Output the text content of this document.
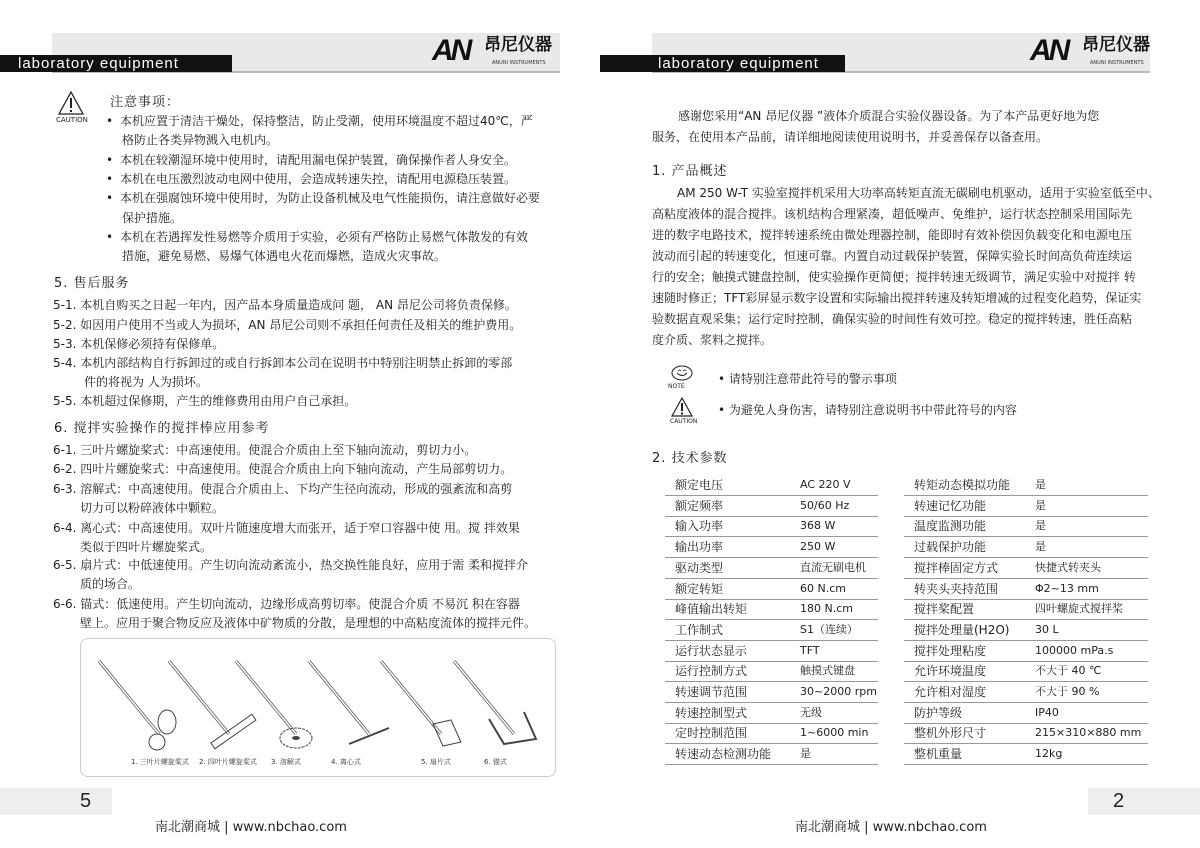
laboratory equipment	AN 昂尼仪器
ANUNI INSTRUMENTS	laboratory equipment	AN 昂尼仪器
ANUNI INSTRUMENTS
CAUTION
注意事项：
5. 售后服务
6. 搅拌实验操作的搅拌棒应用参考
1. 三叶片螺旋桨式 2. 四叶片螺旋桨式 3. 溶解式	4. 离心式	5. 扇片式	6. 锚式
5
南北潮商城 | www.nbchao.com
1. 产品概述
NOTE
• 请特别注意带此符号的警示事项
CAUTION
• 为避免人身伤害，请特别注意说明书中带此符号的内容
2. 技术参数
2
南北潮商城 | www.nbchao.com
• 本机应置于清洁干燥处，保持整洁，防止受潮，使用环境温度不超过40℃，严
格防止各类异物溅入电机内。
• 本机在较潮湿环境中使用时，请配用漏电保护装置，确保操作者人身安全。
• 本机在电压激烈波动电网中使用，会造成转速失控，请配用电源稳压装置。
• 本机在强腐蚀环境中使用时，为防止设备机械及电气性能损伤，请注意做好必要
保护措施。
• 本机在若遇挥发性易燃等介质用于实验，必须有严格防止易燃气体散发的有效
措施，避免易燃、易爆气体遇电火花而爆燃，造成火灾事故。
5-1. 本机自购买之日起一年内，因产品本身质量造成问 题， AN 昂尼公司将负责保修。
5-2. 如因用户使用不当或人为损坏，AN 昂尼公司则不承担任何责任及相关的维护费用。
5-3. 本机保修必须持有保修单。
5-4. 本机内部结构自行拆卸过的或自行拆卸本公司在说明书中特别注明禁止拆卸的零部
件的将视为 人为损坏。
5-5. 本机超过保修期，产生的维修费用由用户自己承担。
6-1. 三叶片螺旋桨式：中高速使用。使混合介质由上至下轴向流动，剪切力小。
6-2. 四叶片螺旋桨式：中高速使用。使混合介质由上向下轴向流动，产生局部剪切力。
6-3. 溶解式：中高速使用。使混合介质由上、下均产生径向流动，形成的强紊流和高剪
切力可以粉碎液体中颗粒。
6-4. 离心式：中高速使用。双叶片随速度增大而张开，适于窄口容器中使 用。搅 拌效果
类似于四叶片螺旋桨式。
6-5. 扇片式：中低速使用。产生切向流动紊流小，热交换性能良好，应用于需 柔和搅拌介
质的场合。
6-6. 锚式：低速使用。产生切向流动，边缘形成高剪切率。使混合介质 不易沉 积在容器
壁上。应用于聚合物反应及液体中矿物质的分散，是理想的中高粘度流体的搅拌元件。
感谢您采用“AN 昂尼仪器 ”液体介质混合实验仪器设备。为了本产品更好地为您
服务，在使用本产品前，请详细地阅读使用说明书，并妥善保存以备查用。
AM 250 W-T 实验室搅拌机采用大功率高转矩直流无碳刷电机驱动，适用于实验室低至中、
高粘度液体的混合搅拌。该机结构合理紧凑，超低噪声、免维护，运行状态控制采用国际先
进的数字电路技术，搅拌转速系统由微处理器控制，能即时有效补偿因负载变化和电源电压
波动而引起的转速变化，恒速可靠。内置自动过载保护装置，保障实验长时间高负荷连续运
行的安全；触摸式键盘控制，使实验操作更简便；搅拌转速无级调节，满足实验中对搅拌 转
速随时修正；TFT彩屏显示数字设置和实际输出搅拌转速及转矩增减的过程变化趋势，保证实
验数据直观采集；运行定时控制，确保实验的时间性有效可控。稳定的搅拌转速，胜任高粘
度介质、浆料之搅拌。
额定电压	AC 220 V
额定频率	50/60 Hz
输入功率	368 W
输出功率	250 W
驱动类型	直流无刷电机
额定转矩	60 N.cm
峰值输出转矩	180 N.cm
工作制式	S1（连续）
运行状态显示	TFT
运行控制方式	触摸式键盘
转速调节范围	30~2000 rpm
转速控制型式	无级
定时控制范围	1~6000 min
转速动态检测功能	是
转矩动态模拟功能 是
转速记忆功能	是
温度监测功能	是
过载保护功能	是
搅拌棒固定方式	快捷式转夹头
转夹头夹持范围	Φ2~13 mm
搅拌桨配置	四叶螺旋式搅拌桨
搅拌处理量(H2O) 30 L
搅拌处理粘度	100000 mPa.s
允许环境温度	不大于 40 ℃
允许相对湿度	不大于 90 %
防护等级	IP40
整机外形尺寸	215×310×880 mm
整机重量	12kg
